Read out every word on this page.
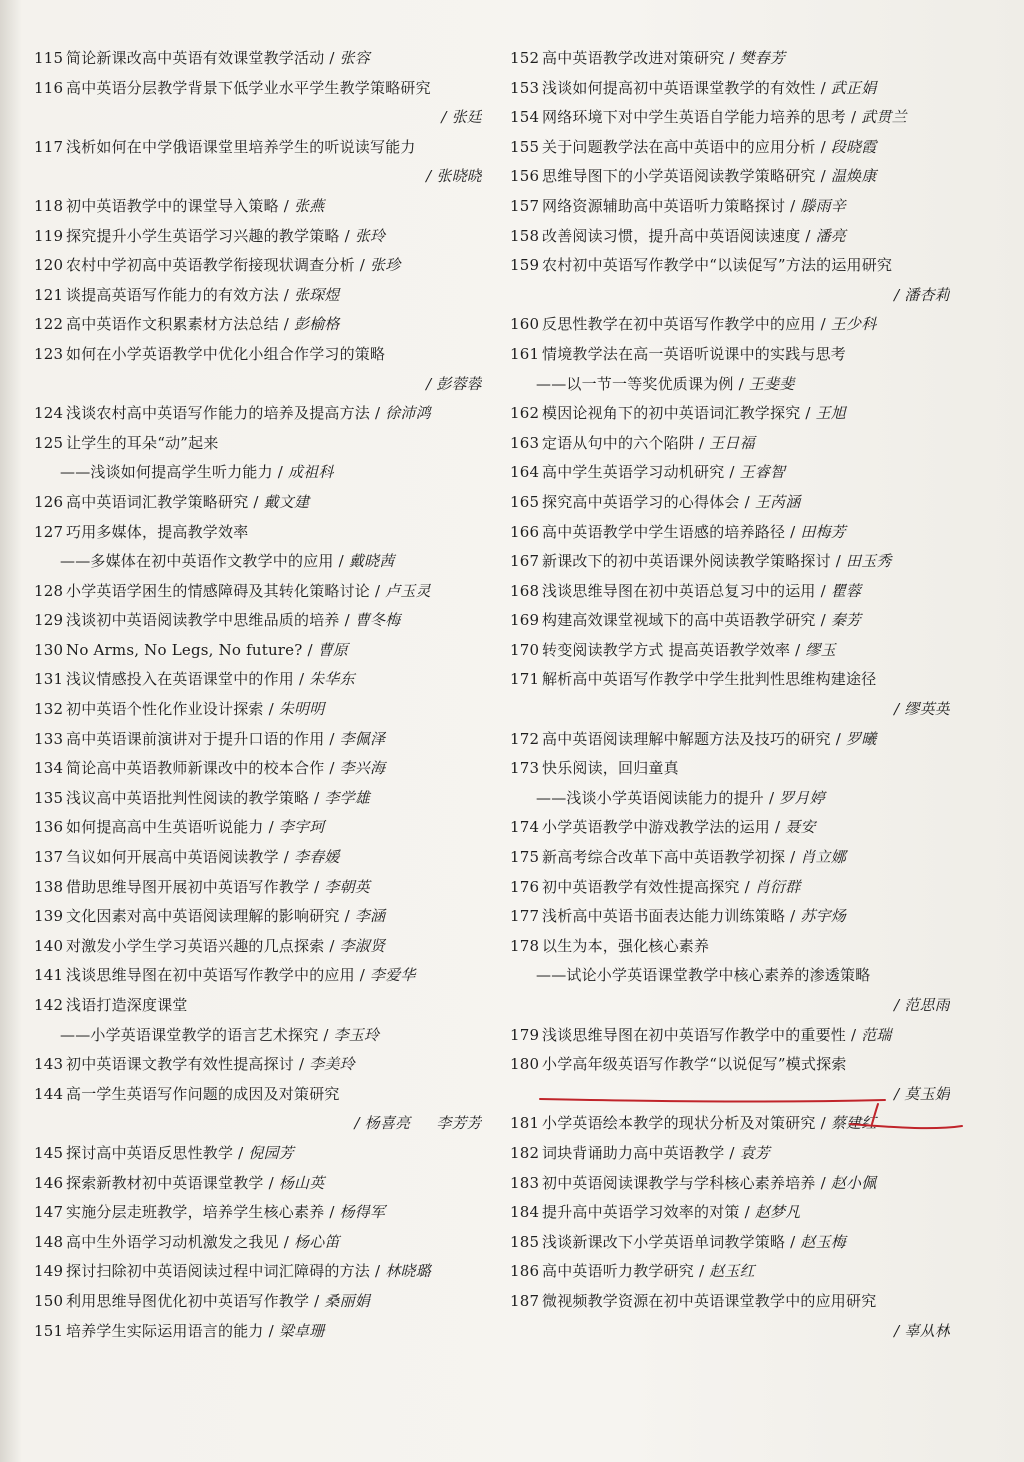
115 简论新课改高中英语有效课堂教学活动 / 张容
116 高中英语分层教学背景下低学业水平学生教学策略研究
/ 张廷
117 浅析如何在中学俄语课堂里培养学生的听说读写能力
/ 张晓晓
118 初中英语教学中的课堂导入策略 / 张燕
119 探究提升小学生英语学习兴趣的教学策略 / 张玲
120 农村中学初高中英语教学衔接现状调查分析 / 张珍
121 谈提高英语写作能力的有效方法 / 张琛煜
122 高中英语作文积累素材方法总结 / 彭榆格
123 如何在小学英语教学中优化小组合作学习的策略
/ 彭蓉蓉
124 浅谈农村高中英语写作能力的培养及提高方法 / 徐沛鸿
125 让学生的耳朵“动”起来
——浅谈如何提高学生听力能力 / 成祖科
126 高中英语词汇教学策略研究 / 戴文建
127 巧用多媒体，提高教学效率
——多媒体在初中英语作文教学中的应用 / 戴晓茜
128 小学英语学困生的情感障碍及其转化策略讨论 / 卢玉灵
129 浅谈初中英语阅读教学中思维品质的培养 / 曹冬梅
130 No Arms, No Legs, No future? / 曹原
131 浅议情感投入在英语课堂中的作用 / 朱华东
132 初中英语个性化作业设计探索 / 朱明明
133 高中英语课前演讲对于提升口语的作用 / 李佩泽
134 简论高中英语教师新课改中的校本合作 / 李兴海
135 浅议高中英语批判性阅读的教学策略 / 李学雄
136 如何提高高中生英语听说能力 / 李宇珂
137 刍议如何开展高中英语阅读教学 / 李春媛
138 借助思维导图开展初中英语写作教学 / 李朝英
139 文化因素对高中英语阅读理解的影响研究 / 李涵
140 对激发小学生学习英语兴趣的几点探索 / 李淑贤
141 浅谈思维导图在初中英语写作教学中的应用 / 李爱华
142 浅语打造深度课堂
——小学英语课堂教学的语言艺术探究 / 李玉玲
143 初中英语课文教学有效性提高探讨 / 李美玲
144 高一学生英语写作问题的成因及对策研究
/ 杨喜亮 李芳芳
145 探讨高中英语反思性教学 / 倪园芳
146 探索新教材初中英语课堂教学 / 杨山英
147 实施分层走班教学，培养学生核心素养 / 杨得军
148 高中生外语学习动机激发之我见 / 杨心笛
149 探讨扫除初中英语阅读过程中词汇障碍的方法 / 林晓璐
150 利用思维导图优化初中英语写作教学 / 桑丽娟
151 培养学生实际运用语言的能力 / 梁卓珊
152 高中英语教学改进对策研究 / 樊春芳
153 浅谈如何提高初中英语课堂教学的有效性 / 武正娟
154 网络环境下对中学生英语自学能力培养的思考 / 武贯兰
155 关于问题教学法在高中英语中的应用分析 / 段晓霞
156 思维导图下的小学英语阅读教学策略研究 / 温焕康
157 网络资源辅助高中英语听力策略探讨 / 滕雨辛
158 改善阅读习惯，提升高中英语阅读速度 / 潘亮
159 农村初中英语写作教学中“以读促写”方法的运用研究
/ 潘杏莉
160 反思性教学在初中英语写作教学中的应用 / 王少科
161 情境教学法在高一英语听说课中的实践与思考
——以一节一等奖优质课为例 / 王斐斐
162 模因论视角下的初中英语词汇教学探究 / 王旭
163 定语从句中的六个陷阱 / 王日福
164 高中学生英语学习动机研究 / 王睿智
165 探究高中英语学习的心得体会 / 王芮涵
166 高中英语教学中学生语感的培养路径 / 田梅芳
167 新课改下的初中英语课外阅读教学策略探讨 / 田玉秀
168 浅谈思维导图在初中英语总复习中的运用 / 瞿蓉
169 构建高效课堂视域下的高中英语教学研究 / 秦芳
170 转变阅读教学方式 提高英语教学效率 / 缪玉
171 解析高中英语写作教学中学生批判性思维构建途径
/ 缪英英
172 高中英语阅读理解中解题方法及技巧的研究 / 罗曦
173 快乐阅读，回归童真
——浅谈小学英语阅读能力的提升 / 罗月婷
174 小学英语教学中游戏教学法的运用 / 聂安
175 新高考综合改革下高中英语教学初探 / 肖立娜
176 初中英语教学有效性提高探究 / 肖衍群
177 浅析高中英语书面表达能力训练策略 / 苏宇炀
178 以生为本，强化核心素养
——试论小学英语课堂教学中核心素养的渗透策略
/ 范思雨
179 浅谈思维导图在初中英语写作教学中的重要性 / 范瑞
180 小学高年级英语写作教学“以说促写”模式探索
/ 莫玉娟
181 小学英语绘本教学的现状分析及对策研究 / 蔡建红
182 词块背诵助力高中英语教学 / 袁芳
183 初中英语阅读课教学与学科核心素养培养 / 赵小佩
184 提升高中英语学习效率的对策 / 赵梦凡
185 浅谈新课改下小学英语单词教学策略 / 赵玉梅
186 高中英语听力教学研究 / 赵玉红
187 微视频教学资源在初中英语课堂教学中的应用研究
/ 辜从林
